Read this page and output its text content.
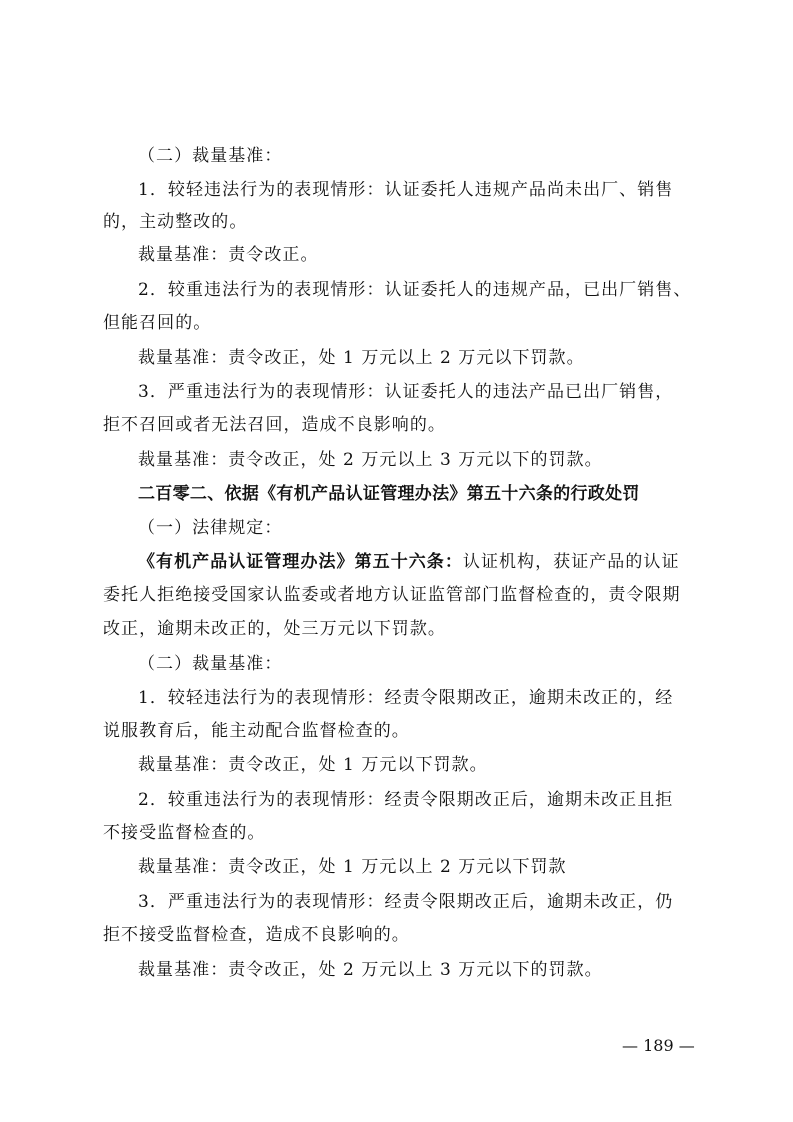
（二）裁量基准：
1．较轻违法行为的表现情形：认证委托人违规产品尚未出厂、销售
的，主动整改的。
裁量基准：责令改正。
2．较重违法行为的表现情形：认证委托人的违规产品，已出厂销售、
但能召回的。
裁量基准：责令改正，处 1 万元以上 2 万元以下罚款。
3．严重违法行为的表现情形：认证委托人的违法产品已出厂销售，
拒不召回或者无法召回，造成不良影响的。
裁量基准：责令改正，处 2 万元以上 3 万元以下的罚款。
二百零二、依据《有机产品认证管理办法》第五十六条的行政处罚
（一）法律规定：
《有机产品认证管理办法》第五十六条：认证机构，获证产品的认证
委托人拒绝接受国家认监委或者地方认证监管部门监督检查的，责令限期
改正，逾期未改正的，处三万元以下罚款。
（二）裁量基准：
1．较轻违法行为的表现情形：经责令限期改正，逾期未改正的，经
说服教育后，能主动配合监督检查的。
裁量基准：责令改正，处 1 万元以下罚款。
2．较重违法行为的表现情形：经责令限期改正后，逾期未改正且拒
不接受监督检查的。
裁量基准：责令改正，处 1 万元以上 2 万元以下罚款
3．严重违法行为的表现情形：经责令限期改正后，逾期未改正，仍
拒不接受监督检查，造成不良影响的。
裁量基准：责令改正，处 2 万元以上 3 万元以下的罚款。
— 189 —
